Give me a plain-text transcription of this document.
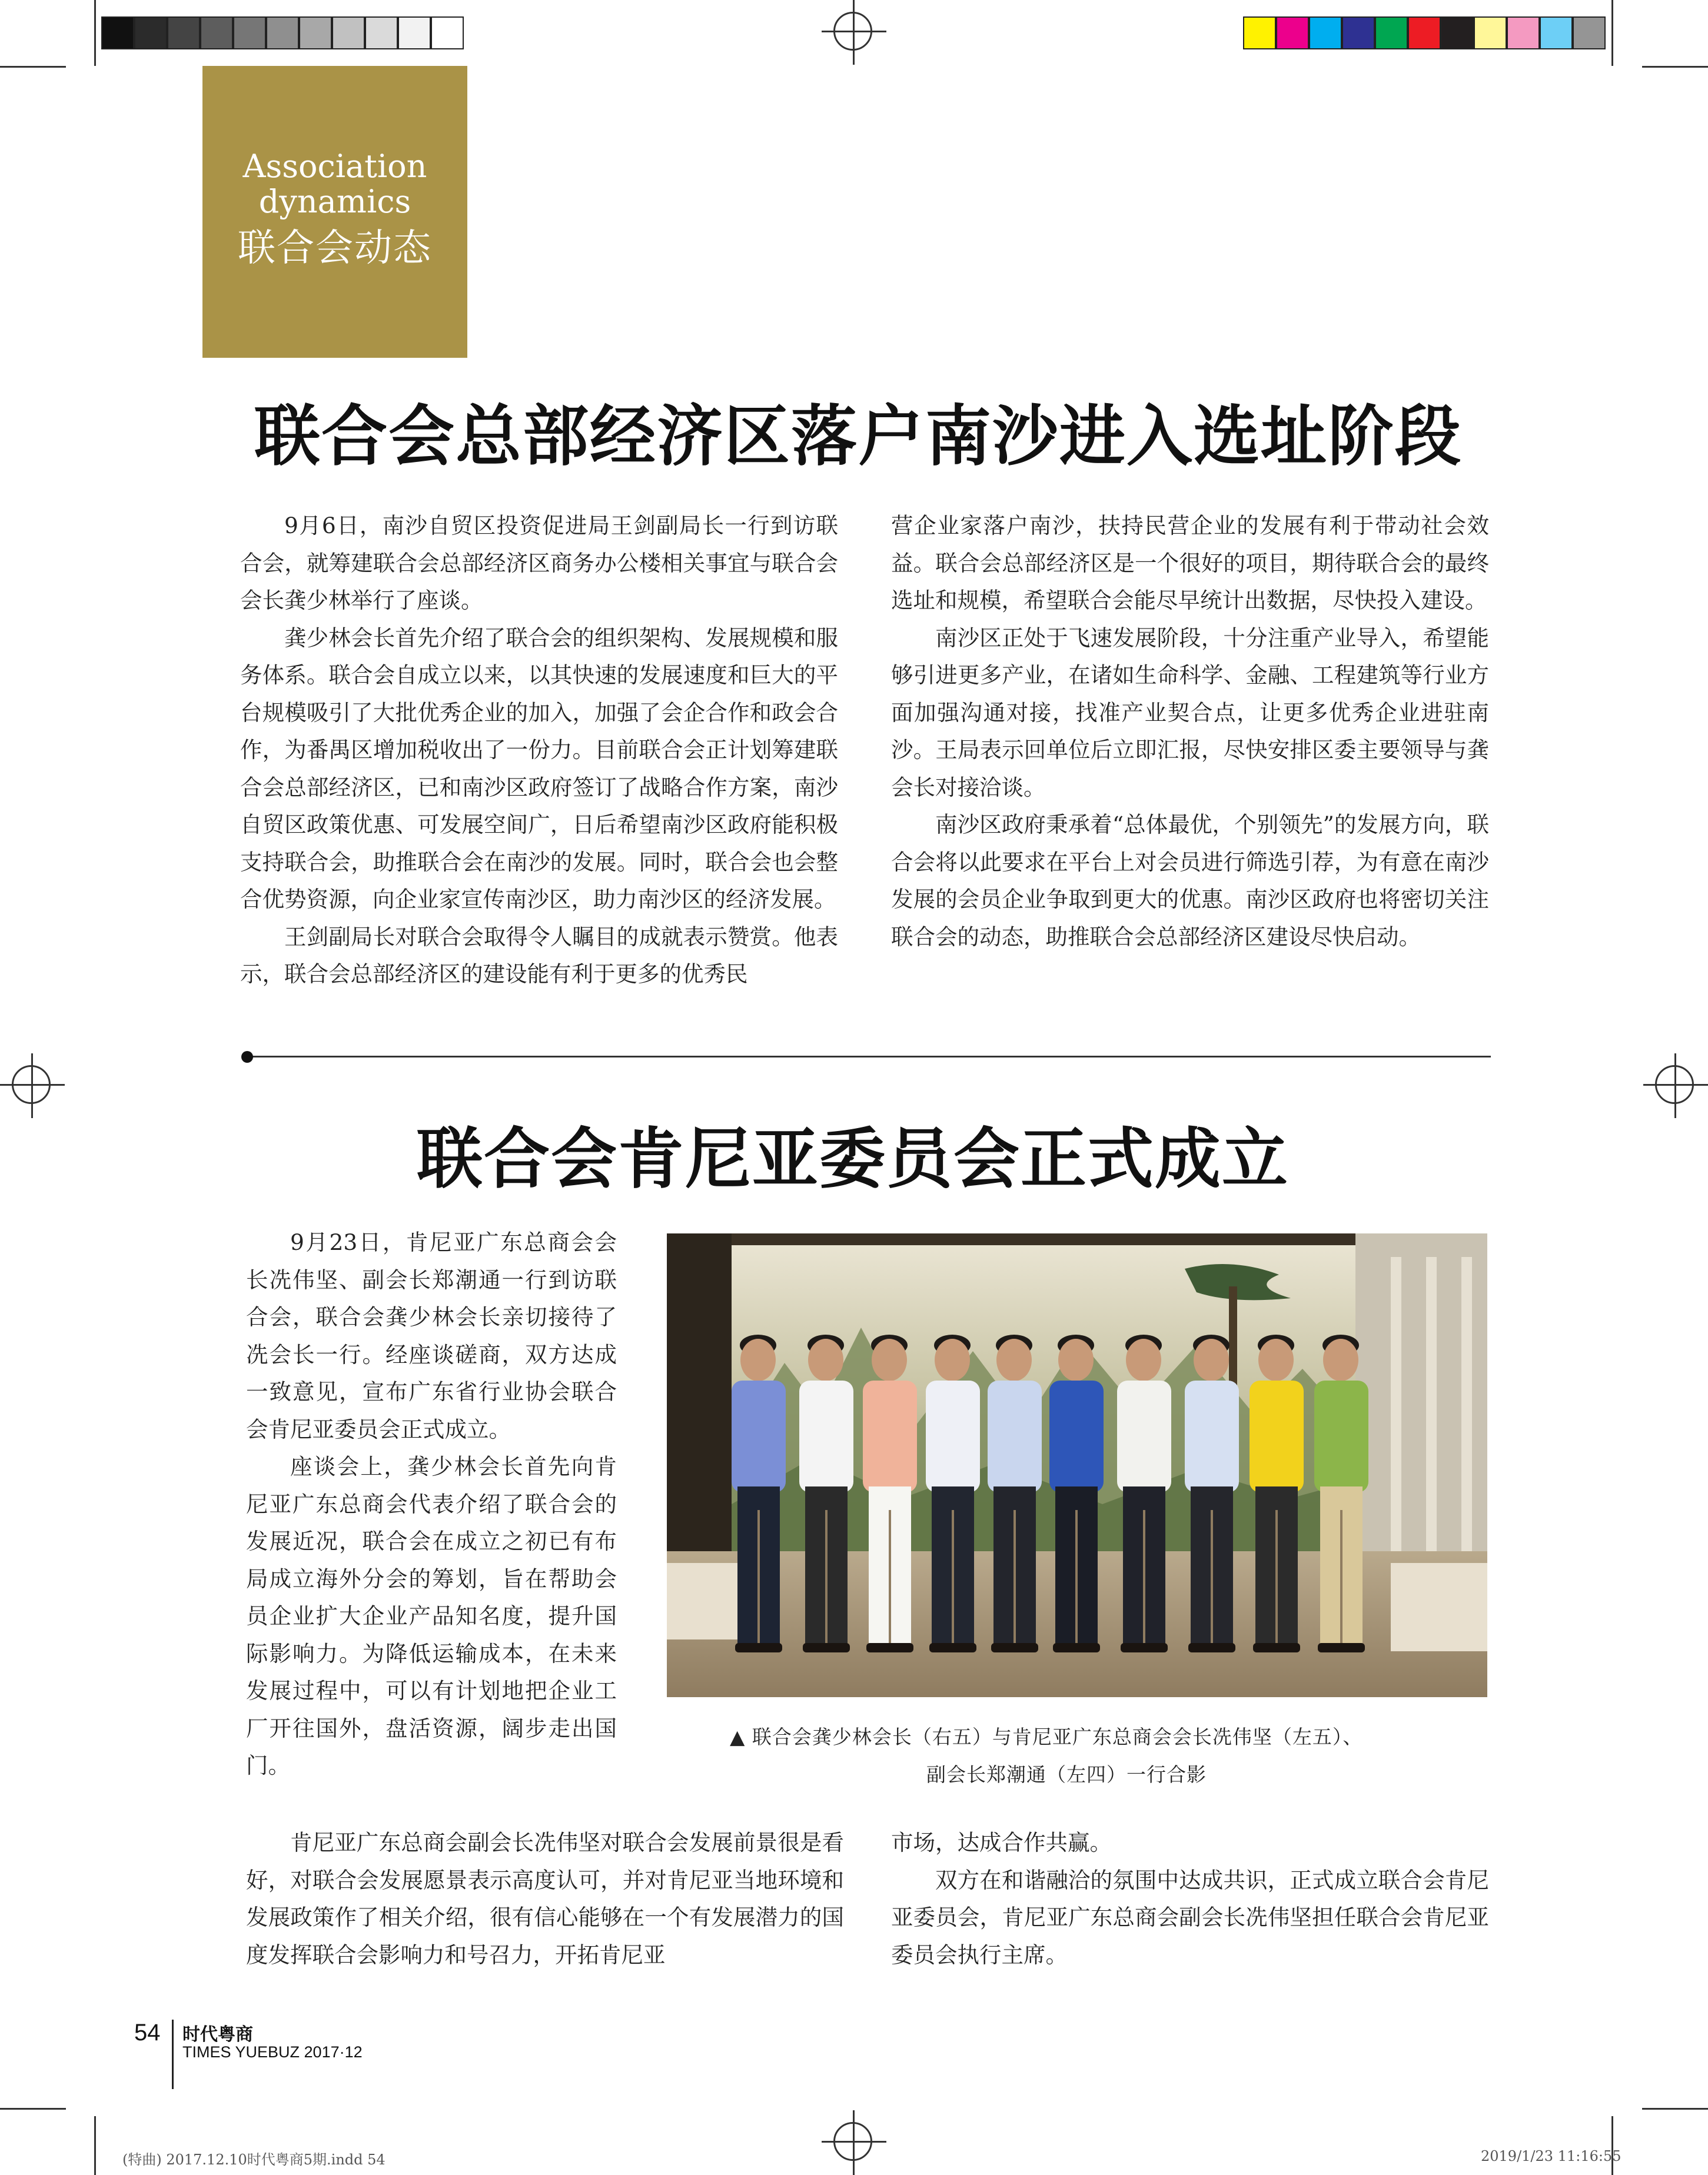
Association
dynamics
联合会动态
联合会总部经济区落户南沙进入选址阶段

9月6日，南沙自贸区投资促进局王剑副局长一行到访联合会，就筹建联合会总部经济区商务办公楼相关事宜与联合会会长龚少林举行了座谈。

龚少林会长首先介绍了联合会的组织架构、发展规模和服务体系。联合会自成立以来，以其快速的发展速度和巨大的平台规模吸引了大批优秀企业的加入，加强了会企合作和政会合作，为番禺区增加税收出了一份力。目前联合会正计划筹建联合会总部经济区，已和南沙区政府签订了战略合作方案，南沙自贸区政策优惠、可发展空间广，日后希望南沙区政府能积极支持联合会，助推联合会在南沙的发展。同时，联合会也会整合优势资源，向企业家宣传南沙区，助力南沙区的经济发展。

王剑副局长对联合会取得令人瞩目的成就表示赞赏。他表示，联合会总部经济区的建设能有利于更多的优秀民

营企业家落户南沙，扶持民营企业的发展有利于带动社会效益。联合会总部经济区是一个很好的项目，期待联合会的最终选址和规模，希望联合会能尽早统计出数据，尽快投入建设。

南沙区正处于飞速发展阶段，十分注重产业导入，希望能够引进更多产业，在诸如生命科学、金融、工程建筑等行业方面加强沟通对接，找准产业契合点，让更多优秀企业进驻南沙。王局表示回单位后立即汇报，尽快安排区委主要领导与龚会长对接洽谈。

南沙区政府秉承着“总体最优，个别领先”的发展方向，联合会将以此要求在平台上对会员进行筛选引荐，为有意在南沙发展的会员企业争取到更大的优惠。南沙区政府也将密切关注联合会的动态，助推联合会总部经济区建设尽快启动。

联合会肯尼亚委员会正式成立

9月23日，肯尼亚广东总商会会长冼伟坚、副会长郑潮通一行到访联合会，联合会龚少林会长亲切接待了冼会长一行。经座谈磋商，双方达成一致意见，宣布广东省行业协会联合会肯尼亚委员会正式成立。

座谈会上，龚少林会长首先向肯尼亚广东总商会代表介绍了联合会的发展近况，联合会在成立之初已有布局成立海外分会的筹划，旨在帮助会员企业扩大企业产品知名度，提升国际影响力。为降低运输成本，在未来发展过程中，可以有计划地把企业工厂开往国外，盘活资源，阔步走出国门。

▲ 联合会龚少林会长（右五）与肯尼亚广东总商会会长冼伟坚（左五）、
副会长郑潮通（左四）一行合影

肯尼亚广东总商会副会长冼伟坚对联合会发展前景很是看好，对联合会发展愿景表示高度认可，并对肯尼亚当地环境和发展政策作了相关介绍，很有信心能够在一个有发展潜力的国度发挥联合会影响力和号召力，开拓肯尼亚

市场，达成合作共赢。

双方在和谐融洽的氛围中达成共识，正式成立联合会肯尼亚委员会，肯尼亚广东总商会副会长冼伟坚担任联合会肯尼亚委员会执行主席。

54 时代粤商
TIMES YUEBUZ 2017·12
(特曲) 2017.12.10时代粤商5期.indd 54	2019/1/23 11:16:55
